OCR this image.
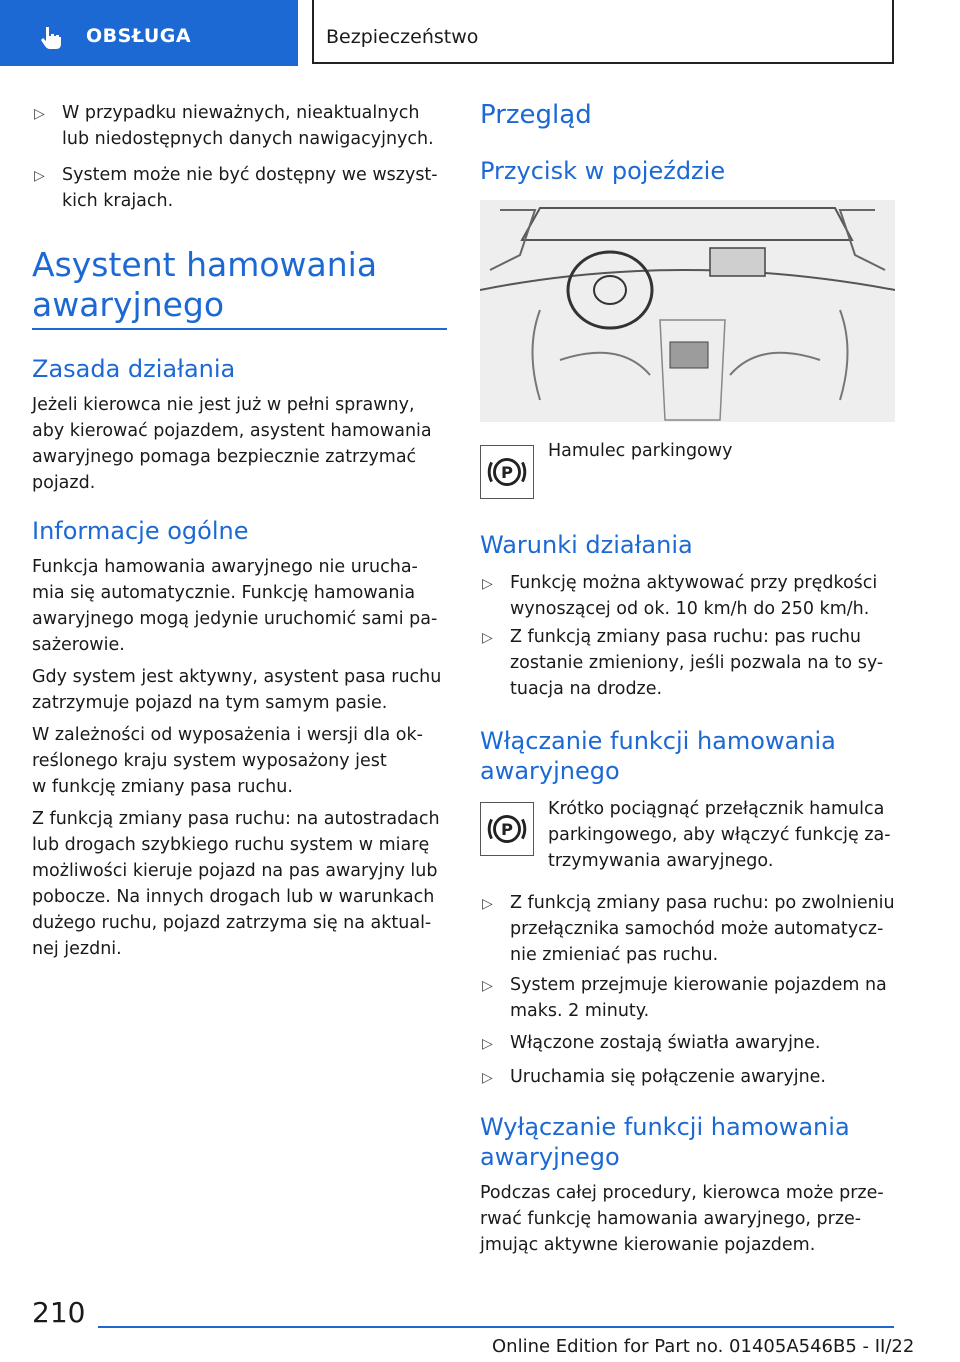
OBSŁUGA	Bezpieczeństwo
▷ W przypadku nieważnych, nieaktualnych

lub niedostępnych danych nawigacyjnych.

▷ System może nie być dostępny we wszyst-

kich krajach.

Asystent hamowania
awaryjnego
Zasada działania

Jeżeli kierowca nie jest już w pełni sprawny,

aby kierować pojazdem, asystent hamowania

awaryjnego pomaga bezpiecznie zatrzymać

pojazd.

Informacje ogólne

Funkcja hamowania awaryjnego nie urucha-

mia się automatycznie. Funkcję hamowania

awaryjnego mogą jedynie uruchomić sami pa-

sażerowie.

Gdy system jest aktywny, asystent pasa ruchu

zatrzymuje pojazd na tym samym pasie.

W zależności od wyposażenia i wersji dla ok-

reślonego kraju system wyposażony jest

w funkcję zmiany pasa ruchu.

Z funkcją zmiany pasa ruchu: na autostradach

lub drogach szybkiego ruchu system w miarę

możliwości kieruje pojazd na pas awaryjny lub

pobocze. Na innych drogach lub w warunkach

dużego ruchu, pojazd zatrzyma się na aktual-

nej jezdni.

Przegląd
Przycisk w pojeździe
P

Hamulec parkingowy

Warunki działania
▷ Funkcję można aktywować przy prędkości

wynoszącej od ok. 10 km/h do 250 km/h.

▷ Z funkcją zmiany pasa ruchu: pas ruchu

zostanie zmieniony, jeśli pozwala na to sy-

tuacja na drodze.

Włączanie funkcji hamowania
awaryjnego
P

Krótko pociągnąć przełącznik hamulca

parkingowego, aby włączyć funkcję za-

trzymywania awaryjnego.

▷ Z funkcją zmiany pasa ruchu: po zwolnieniu

przełącznika samochód może automatycz-

nie zmieniać pas ruchu.

▷ System przejmuje kierowanie pojazdem na

maks. 2 minuty.

▷ Włączone zostają światła awaryjne.

▷ Uruchamia się połączenie awaryjne.

Wyłączanie funkcji hamowania
awaryjnego

Podczas całej procedury, kierowca może prze-

rwać funkcję hamowania awaryjnego, prze-

jmując aktywne kierowanie pojazdem.

210
Online Edition for Part no. 01405A546B5 - II/22
